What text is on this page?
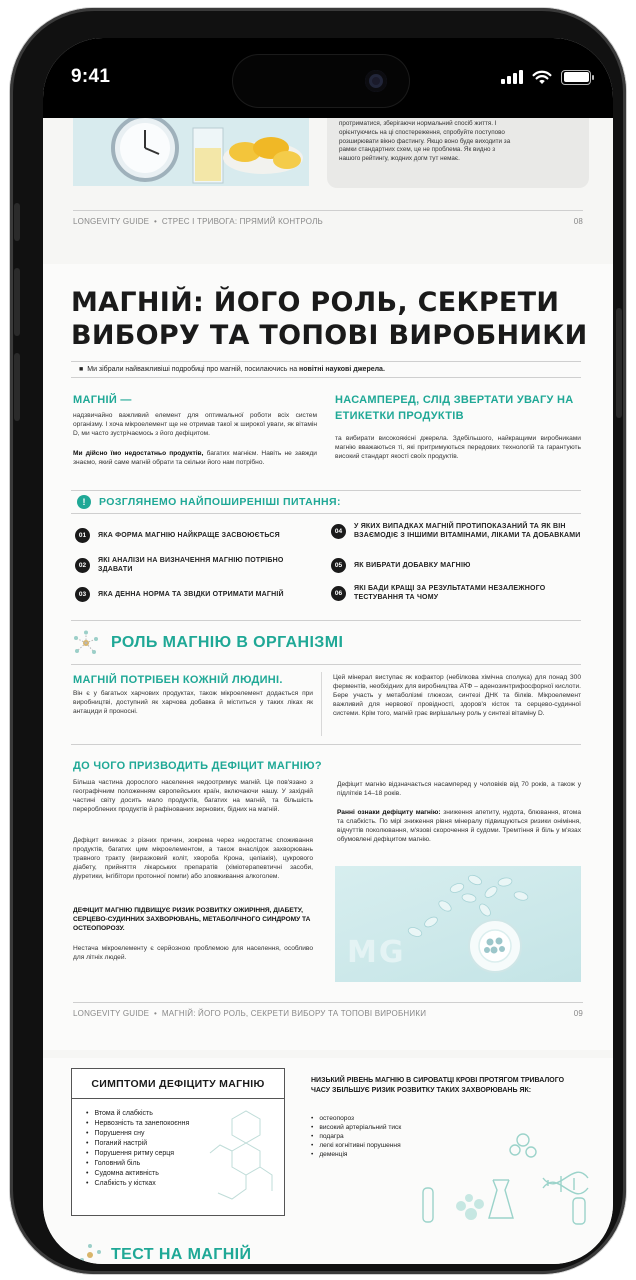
9:41
протриматися, зберігаючи нормальний спосіб життя. І
орієнтуючись на ці спостереження, спробуйте поступово
розширювати вікно фастингу. Якщо воно буде виходити за
рамки стандартних схем, це не проблема. Як видно з
нашого рейтингу, жодних догм тут немає.
LONGEVITY GUIDE  •  СТРЕС І ТРИВОГА: ПРЯМИЙ КОНТРОЛЬ	08
МАГНІЙ: ЙОГО РОЛЬ, СЕКРЕТИ ВИБОРУ ТА ТОПОВІ ВИРОБНИКИ
■ Ми зібрали найважливіші подробиці про магній, посилаючись на новітні наукові джерела.
МАГНІЙ —
надзвичайно важливий елемент для оптимальної роботи всіх систем організму. І хоча мікроелемент ще не отримав такої ж широкої уваги, як вітамін D, ми часто зустрічаємось з його дефіцитом.
Ми дійсно їмо недостатньо продуктів, багатих магнієм. Навіть не завжди знаємо, який саме магній обрати та скільки його нам потрібно.
НАСАМПЕРЕД, СЛІД ЗВЕРТАТИ УВАГУ НА ЕТИКЕТКИ ПРОДУКТІВ
та вибирати високоякісні джерела. Здебільшого, найкращими виробниками магнію вважаються ті, які притримуються передових технологій та гарантують високий стандарт якості своїх продуктів.
!	РОЗГЛЯНЕМО НАЙПОШИРЕНІШІ ПИТАННЯ:
01	ЯКА ФОРМА МАГНІЮ НАЙКРАЩЕ ЗАСВОЮЄТЬСЯ
02
ЯКІ АНАЛІЗИ НА ВИЗНАЧЕННЯ МАГНІЮ ПОТРІБНО ЗДАВАТИ
03	ЯКА ДЕННА НОРМА ТА ЗВІДКИ ОТРИМАТИ МАГНІЙ
04
У ЯКИХ ВИПАДКАХ МАГНІЙ ПРОТИПОКАЗАНИЙ ТА ЯК ВІН ВЗАЄМОДІЄ З ІНШИМИ ВІТАМІНАМИ, ЛІКАМИ ТА ДОБАВКАМИ
05	ЯК ВИБРАТИ ДОБАВКУ МАГНІЮ
06
ЯКІ БАДИ КРАЩІ ЗА РЕЗУЛЬТАТАМИ НЕЗАЛЕЖНОГО ТЕСТУВАННЯ ТА ЧОМУ
РОЛЬ МАГНІЮ В ОРГАНІЗМІ
МАГНІЙ ПОТРІБЕН КОЖНІЙ ЛЮДИНІ.
Він є у багатьох харчових продуктах, також мікроелемент додається при виробництві, доступний як харчова добавка й міститься у таких ліках як антациди й проносні.
Цей мінерал виступає як кофактор (небілкова хімічна сполука) для понад 300 ферментів, необхідних для виробництва АТФ – аденозинтрифосфорної кислоти. Бере участь у метаболізмі глюкози, синтезі ДНК та білків. Мікроелемент важливий для нервової провідності, здоров'я кісток та серцево-судинної системи. Крім того, магній грає вирішальну роль у синтезі вітаміну D.
ДО ЧОГО ПРИЗВОДИТЬ ДЕФІЦИТ МАГНІЮ?
Більша частина дорослого населення недоотримує магній. Це пов'язано з географічним положенням європейських країн, включаючи нашу. У західній частині світу досить мало продуктів, багатих на магній, та більшість перероблених продуктів й рафінованих зернових, бідних на магній.
Дефіцит виникає з різних причин, зокрема через недостатнє споживання продуктів, багатих цим мікроелементом, а також внаслідок захворювань травного тракту (виразковий коліт, хвороба Крона, целіакія), цукрового діабету, прийняття лікарських препаратів (хіміотерапевтичні засоби, діуретики, інгібітори протонної помпи) або зловживання алкоголем.
ДЕФІЦИТ МАГНІЮ ПІДВИЩУЄ РИЗИК РОЗВИТКУ ОЖИРІННЯ, ДІАБЕТУ, СЕРЦЕВО-СУДИННИХ ЗАХВОРЮВАНЬ, МЕТАБОЛІЧНОГО СИНДРОМУ ТА ОСТЕОПОРОЗУ.
Нестача мікроелементу є серйозною проблемою для населення, особливо для літніх людей.
Дефіцит магнію відзначається насамперед у чоловіків від 70 років, а також у підлітків 14–18 років.
Ранні ознаки дефіциту магнію: зниження апетиту, нудота, блювання, втома та слабкість. По мірі зниження рівня мінералу підвищуються ризики оніміння, відчуттів поколювання, м'язові скорочення й судоми. Тремтіння й біль у м'язах обумовлені дефіцитом магнію.
MG
LONGEVITY GUIDE  •  МАГНІЙ: ЙОГО РОЛЬ, СЕКРЕТИ ВИБОРУ ТА ТОПОВІ ВИРОБНИКИ	09
СИМПТОМИ ДЕФІЦИТУ МАГНІЮ
• Втома й слабкість
• Нервозність та занепокоєння
• Порушення сну
• Поганий настрій
• Порушення ритму серця
• Головний біль
• Судомна активність
• Слабкість у кістках
НИЗЬКИЙ РІВЕНЬ МАГНІЮ В СИРОВАТЦІ КРОВІ ПРОТЯГОМ ТРИВАЛОГО ЧАСУ ЗБІЛЬШУЄ РИЗИК РОЗВИТКУ ТАКИХ ЗАХВОРЮВАНЬ ЯК:
• остеопороз
• високий артеріальний тиск
• подагра
• легкі когнітивні порушення
• деменція
ТЕСТ НА МАГНІЙ
